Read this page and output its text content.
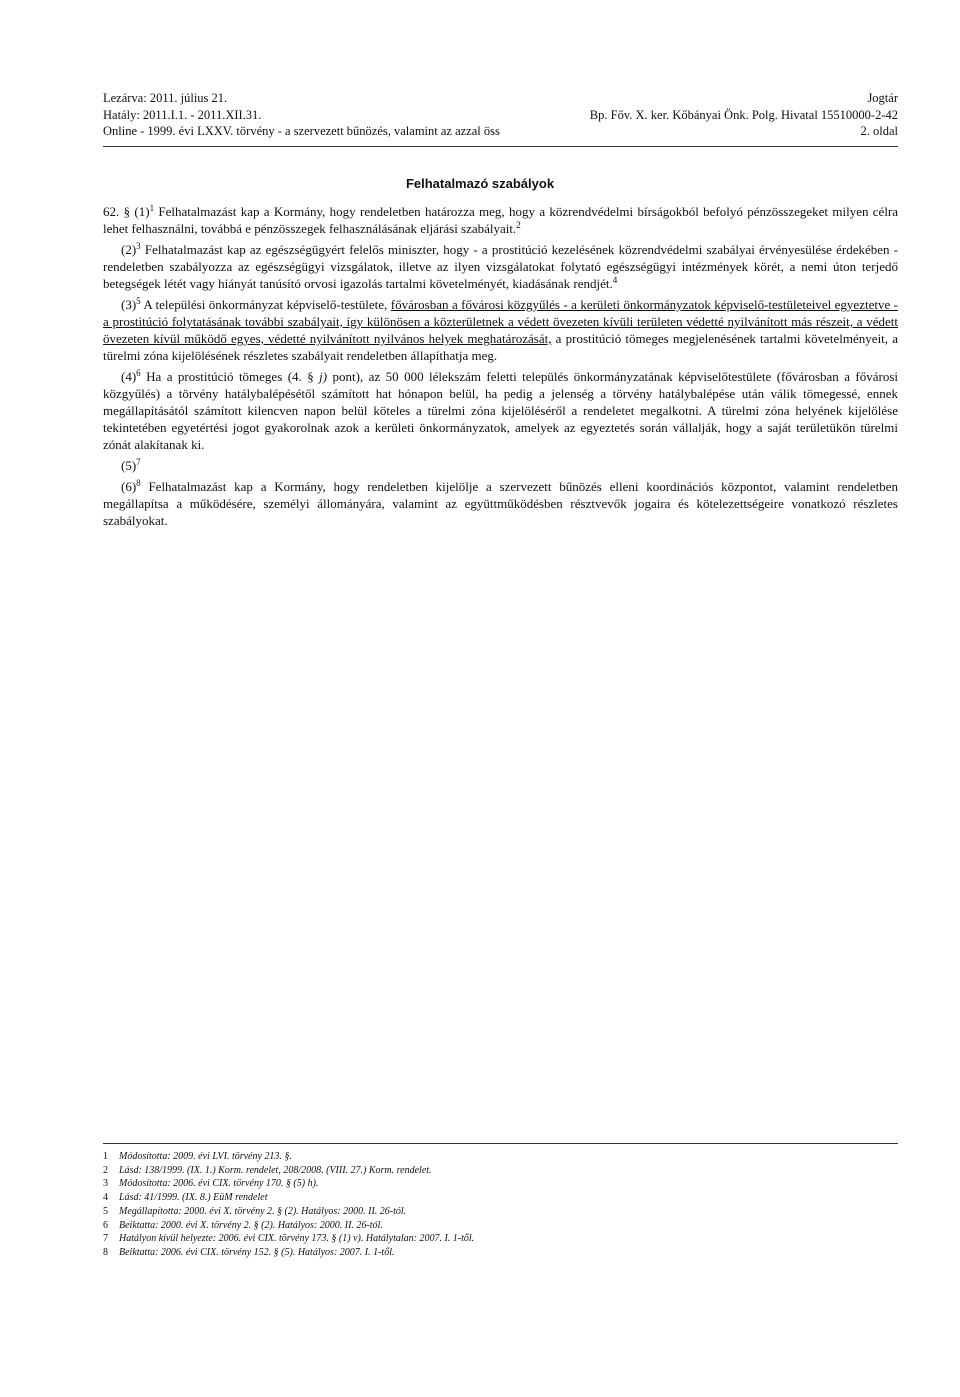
Lezárva: 2011. július 21.
Hatály: 2011.I.1. - 2011.XII.31.
Online - 1999. évi LXXV. törvény - a szervezett bűnözés, valamint az azzal öss
Jogtár
Bp. Főv. X. ker. Kőbányai Önk. Polg. Hivatal 15510000-2-42
2. oldal
Felhatalmazó szabályok

62. § $(1)^1$ Felhatalmazást kap a Kormány, hogy rendeletben határozza meg, hogy a közrendvédelmi bírságokból befolyó pénzösszegeket milyen célra lehet felhasználni, továbbá e pénzösszegek felhasználásának eljárási szabályait.$^2$

$(2)^3$ Felhatalmazást kap az egészségügyért felelős miniszter, hogy - a prostitúció kezelésének közrendvédelmi szabályai érvényesülése érdekében - rendeletben szabályozza az egészségügyi vizsgálatok, illetve az ilyen vizsgálatokat folytató egészségügyi intézmények körét, a nemi úton terjedő betegségek létét vagy hiányát tanúsító orvosi igazolás tartalmi követelményét, kiadásának rendjét.$^4$

$(3)^5$ A települési önkormányzat képviselő-testülete, fővárosban a fővárosi közgyűlés - a kerületi önkormányzatok képviselő-testületeivel egyeztetve - a prostitúció folytatásának további szabályait, így különösen a közterületnek a védett övezeten kívüli területen védetté nyilvánított más részeit, a védett övezeten kívül működő egyes, védetté nyilvánított nyilvános helyek meghatározását, a prostitúció tömeges megjelenésének tartalmi követelményeit, a türelmi zóna kijelölésének részletes szabályait rendeletben állapíthatja meg.

$(4)^6$ Ha a prostitúció tömeges (4. § j) pont), az 50 000 lélekszám feletti település önkormányzatának képviselőtestülete (fővárosban a fővárosi közgyűlés) a törvény hatálybalépésétől számított hat hónapon belül, ha pedig a jelenség a törvény hatálybalépése után válik tömegessé, ennek megállapításától számított kilencven napon belül köteles a türelmi zóna kijelöléséről a rendeletet megalkotni. A türelmi zóna helyének kijelölése tekintetében egyetértési jogot gyakorolnak azok a kerületi önkormányzatok, amelyek az egyeztetés során vállalják, hogy a saját területükön türelmi zónát alakítanak ki.

$(5)^7$

$(6)^8$ Felhatalmazást kap a Kormány, hogy rendeletben kijelölje a szervezett bűnözés elleni koordinációs központot, valamint rendeletben megállapítsa a működésére, személyi állományára, valamint az együttműködésben résztvevők jogaira és kötelezettségeire vonatkozó részletes szabályokat.

1 Módosította: 2009. évi LVI. törvény 213. §.
2 Lásd: 138/1999. (IX. 1.) Korm. rendelet, 208/2008. (VIII. 27.) Korm. rendelet.
3 Módosította: 2006. évi CIX. törvény 170. § (5) h).
4 Lásd: 41/1999. (IX. 8.) EüM rendelet
5 Megállapította: 2000. évi X. törvény 2. § (2). Hatályos: 2000. II. 26-tól.
6 Beiktatta: 2000. évi X. törvény 2. § (2). Hatályos: 2000. II. 26-tól.
7 Hatályon kívül helyezte: 2006. évi CIX. törvény 173. § (1) v). Hatálytalan: 2007. I. 1-től.
8 Beiktatta: 2006. évi CIX. törvény 152. § (5). Hatályos: 2007. I. 1-től.
